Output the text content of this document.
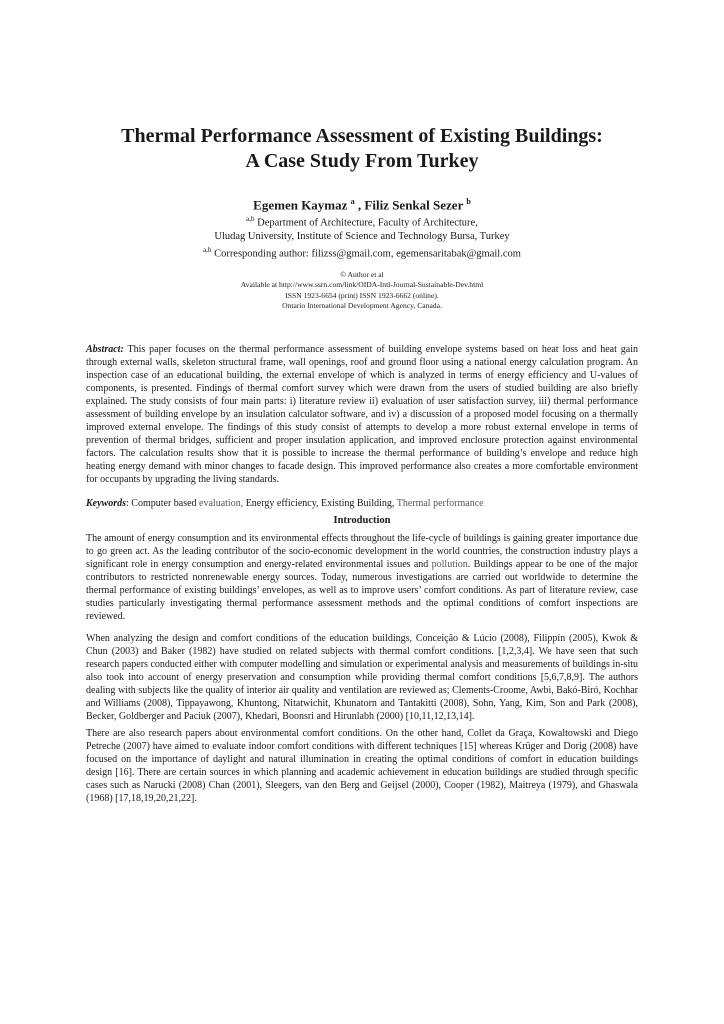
Thermal Performance Assessment of Existing Buildings:
A Case Study From Turkey
Egemen Kaymaz $^a$ , Filiz Senkal Sezer $^b$
$^{a,b}$ Department of Architecture, Faculty of Architecture,
Uludag University, Institute of Science and Technology Bursa, Turkey
$^{a,b}$ Corresponding author: filizss@gmail.com, egemensaritabak@gmail.com
© Author et al
Available at http://www.ssrn.com/link/OIDA-Intl-Journal-Sustainable-Dev.html
ISSN 1923-6654 (print) ISSN 1923-6662 (online).
Ontario International Development Agency, Canada.

Abstract: This paper focuses on the thermal performance assessment of building envelope systems based on heat loss and heat gain through external walls, skeleton structural frame, wall openings, roof and ground floor using a national energy calculation program. An inspection case of an educational building, the external envelope of which is analyzed in terms of energy efficiency and U-values of components, is presented. Findings of thermal comfort survey which were drawn from the users of studied building are also briefly explained. The study consists of four main parts: i) literature review ii) evaluation of user satisfaction survey, iii) thermal performance assessment of building envelope by an insulation calculator software, and iv) a discussion of a proposed model focusing on a thermally improved external envelope. The findings of this study consist of attempts to develop a more robust external envelope in terms of prevention of thermal bridges, sufficient and proper insulation application, and improved enclosure protection against environmental factors. The calculation results show that it is possible to increase the thermal performance of building’s envelope and reduce high heating energy demand with minor changes to facade design. This improved performance also creates a more comfortable environment for occupants by upgrading the living standards.

Keywords: Computer based evaluation, Energy efficiency, Existing Building, Thermal performance

Introduction

The amount of energy consumption and its environmental effects throughout the life-cycle of buildings is gaining greater importance due to go green act. As the leading contributor of the socio-economic development in the world countries, the construction industry plays a significant role in energy consumption and energy-related environmental issues and pollution. Buildings appear to be one of the major contributors to restricted nonrenewable energy sources. Today, numerous investigations are carried out worldwide to determine the thermal performance of existing buildings’ envelopes, as well as to improve users’ comfort conditions. As part of literature review, case studies particularly investigating thermal performance assessment methods and the optimal conditions of comfort inspections are reviewed.

When analyzing the design and comfort conditions of the education buildings, Conceição & Lúcio (2008), Filippín (2005), Kwok & Chun (2003) and Baker (1982) have studied on related subjects with thermal comfort conditions. [1,2,3,4]. We have seen that such research papers conducted either with computer modelling and simulation or experimental analysis and measurements of buildings in-situ also took into account of energy preservation and consumption while providing thermal comfort conditions [5,6,7,8,9]. The authors dealing with subjects like the quality of interior air quality and ventilation are reviewed as; Clements-Croome, Awbi, Bakó-Biró, Kochhar and Williams (2008), Tippayawong, Khuntong, Nitatwichit, Khunatorn and Tantakitti (2008), Sohn, Yang, Kim, Son and Park (2008), Becker, Goldberger and Paciuk (2007), Khedari, Boonsri and Hirunlabh (2000) [10,11,12,13,14].

There are also research papers about environmental comfort conditions. On the other hand, Collet da Graça, Kowaltowski and Diego Petreche (2007) have aimed to evaluate indoor comfort conditions with different techniques [15] whereas Krüger and Dorig (2008) have focused on the importance of daylight and natural illumination in creating the optimal conditions of comfort in education buildings design [16]. There are certain sources in which planning and academic achievement in education buildings are studied through specific cases such as Narucki (2008) Chan (2001), Sleegers, van den Berg and Geijsel (2000), Cooper (1982), Maitreya (1979), and Ghaswala (1968) [17,18,19,20,21,22].
